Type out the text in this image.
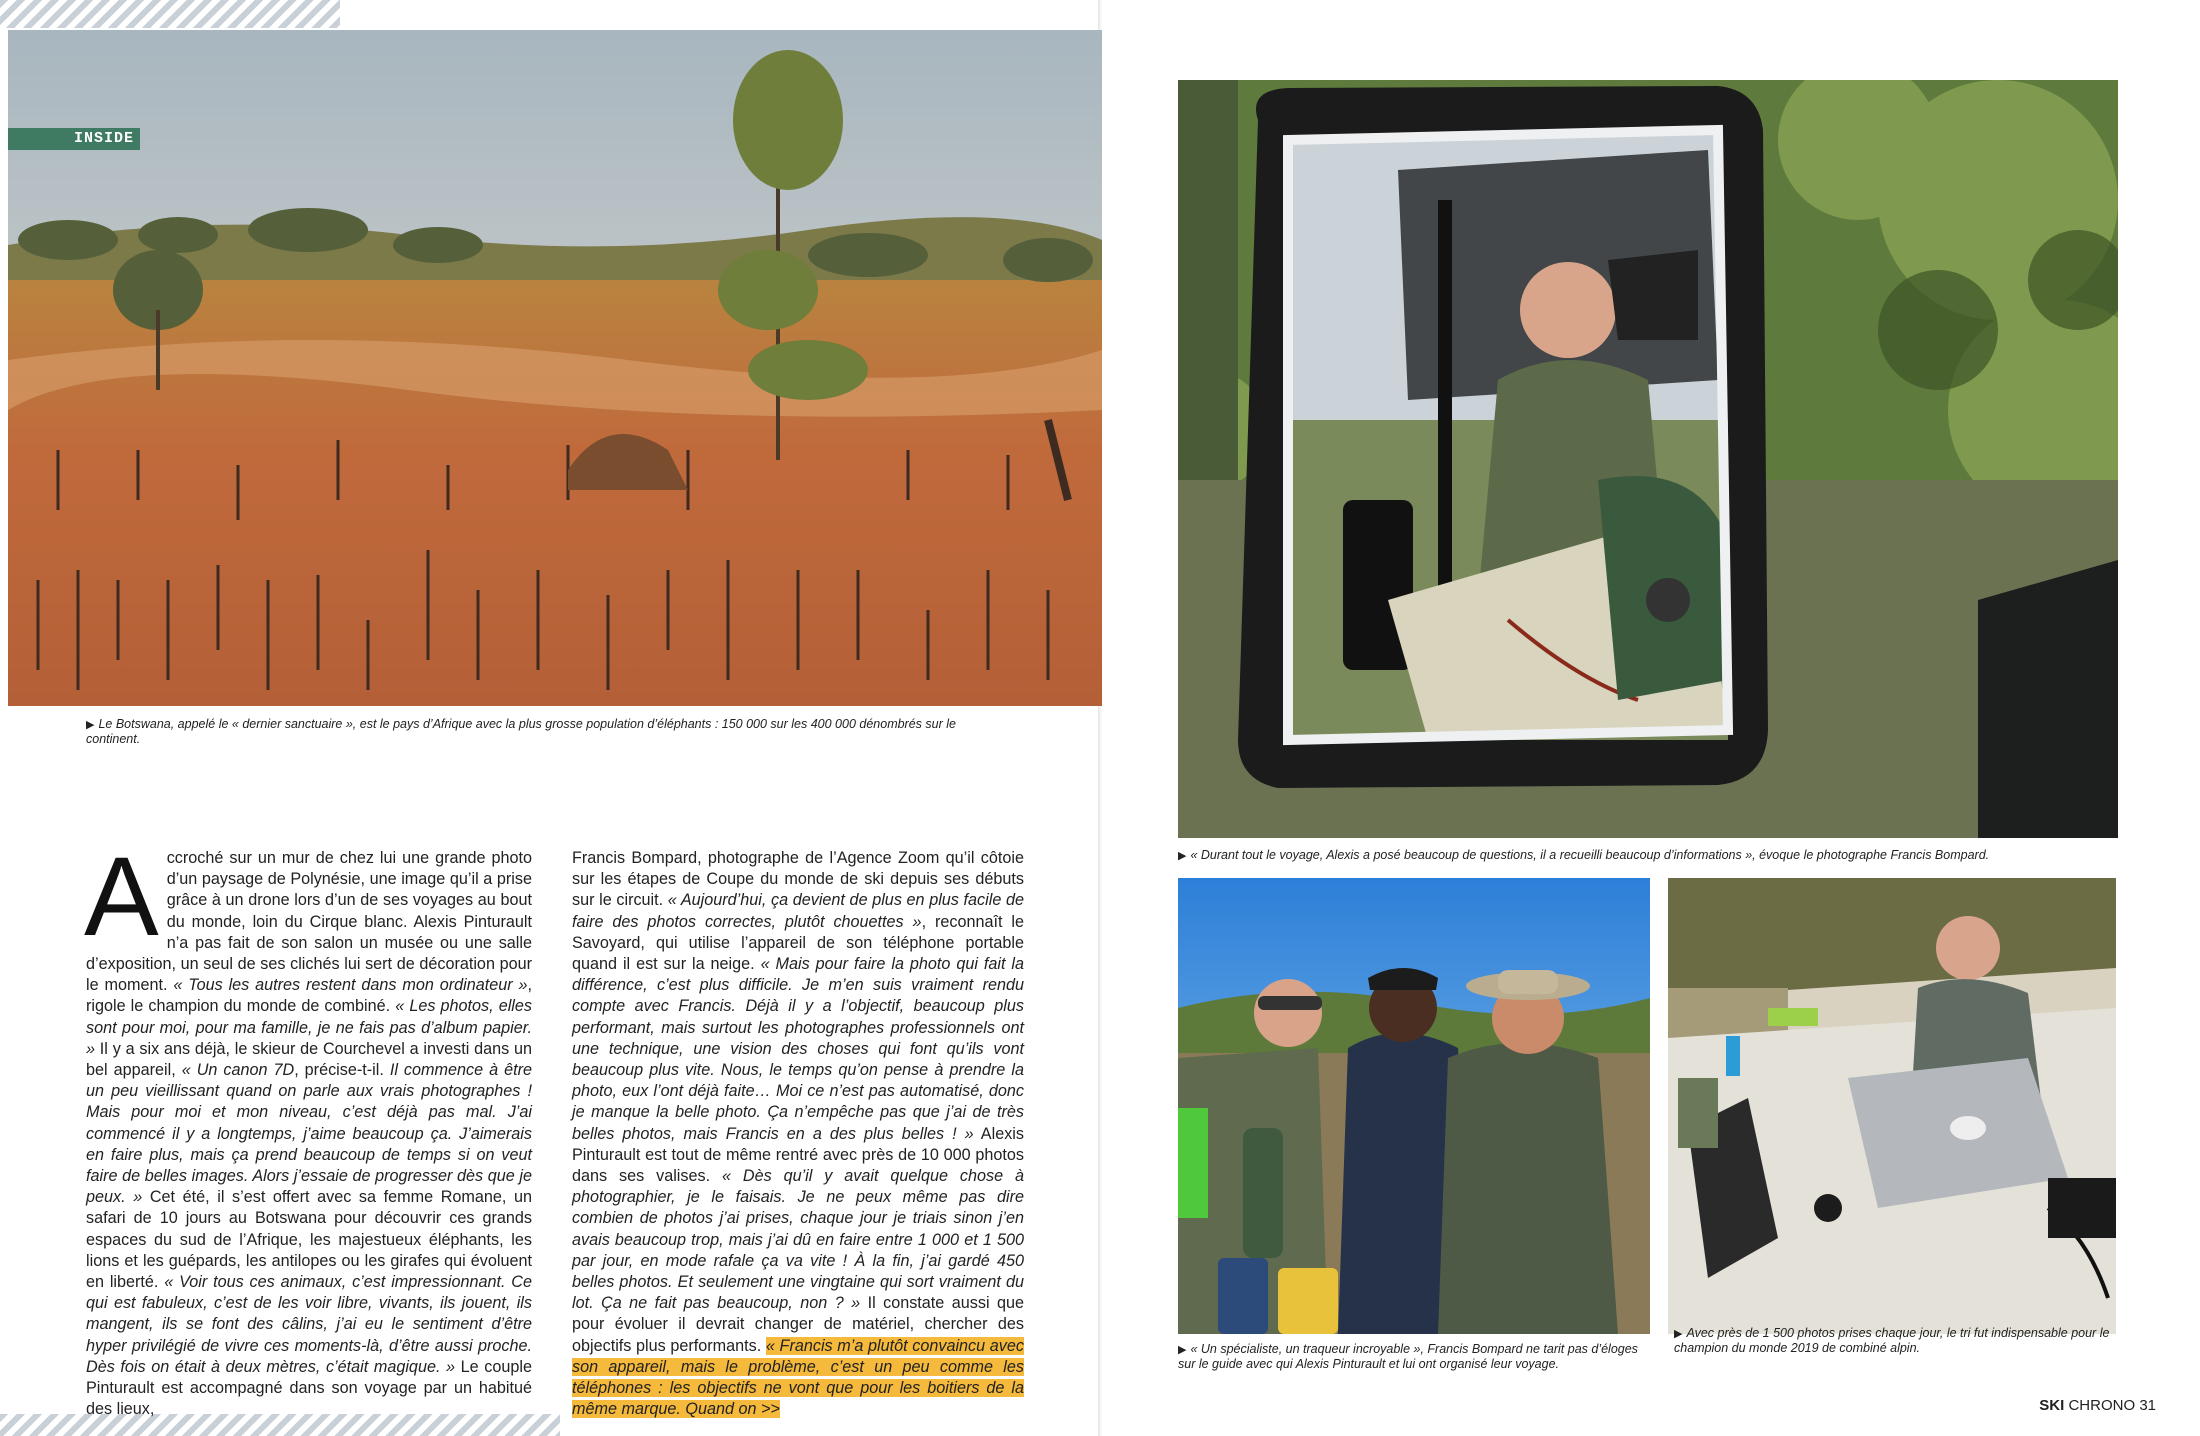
INSIDE
▶ Le Botswana, appelé le « dernier sanctuaire », est le pays d’Afrique avec la plus grosse population d’éléphants : 150 000 sur les 400 000 dénombrés sur le continent.
▶ « Durant tout le voyage, Alexis a posé beaucoup de questions, il a recueilli beaucoup d’informations », évoque le photographe Francis Bompard.
▶ « Un spécialiste, un traqueur incroyable », Francis Bompard ne tarit pas d’éloges sur le guide avec qui Alexis Pinturault et lui ont organisé leur voyage.
▶ Avec près de 1 500 photos prises chaque jour, le tri fut indispensable pour le champion du monde 2019 de combiné alpin.
A ccroché sur un mur de chez lui une grande photo d’un paysage de Polynésie, une image qu’il a prise grâce à un drone lors d’un de ses voyages au bout du monde, loin du Cirque blanc. Alexis Pinturault n’a pas fait de son salon un musée ou une salle d’exposition, un seul de ses clichés lui sert de décoration pour le moment. « Tous les autres restent dans mon ordinateur », rigole le champion du monde de combiné. « Les photos, elles sont pour moi, pour ma famille, je ne fais pas d’album papier. » Il y a six ans déjà, le skieur de Courchevel a investi dans un bel appareil, « Un canon 7D, précise-t-il. Il commence à être un peu vieillissant quand on parle aux vrais photographes ! Mais pour moi et mon niveau, c’est déjà pas mal. J’ai commencé il y a longtemps, j’aime beaucoup ça. J’aimerais en faire plus, mais ça prend beaucoup de temps si on veut faire de belles images. Alors j’essaie de progresser dès que je peux. » Cet été, il s’est offert avec sa femme Romane, un safari de 10 jours au Botswana pour découvrir ces grands espaces du sud de l’Afrique, les majestueux éléphants, les lions et les guépards, les antilopes ou les girafes qui évoluent en liberté. « Voir tous ces animaux, c’est impressionnant. Ce qui est fabuleux, c’est de les voir libre, vivants, ils jouent, ils mangent, ils se font des câlins, j’ai eu le sentiment d’être hyper privilégié de vivre ces moments-là, d’être aussi proche. Dès fois on était à deux mètres, c’était magique. » Le couple Pinturault est accompagné dans son voyage par un habitué des lieux,

Francis Bompard, photographe de l’Agence Zoom qu’il côtoie sur les étapes de Coupe du monde de ski depuis ses débuts sur le circuit. « Aujourd’hui, ça devient de plus en plus facile de faire des photos correctes, plutôt chouettes », reconnaît le Savoyard, qui utilise l’appareil de son téléphone portable quand il est sur la neige. « Mais pour faire la photo qui fait la différence, c’est plus difficile. Je m’en suis vraiment rendu compte avec Francis. Déjà il y a l’objectif, beaucoup plus performant, mais surtout les photographes professionnels ont une technique, une vision des choses qui font qu’ils vont beaucoup plus vite. Nous, le temps qu’on pense à prendre la photo, eux l’ont déjà faite… Moi ce n’est pas automatisé, donc je manque la belle photo. Ça n’empêche pas que j’ai de très belles photos, mais Francis en a des plus belles ! » Alexis Pinturault est tout de même rentré avec près de 10 000 photos dans ses valises. « Dès qu’il y avait quelque chose à photographier, je le faisais. Je ne peux même pas dire combien de photos j’ai prises, chaque jour je triais sinon j’en avais beaucoup trop, mais j’ai dû en faire entre 1 000 et 1 500 par jour, en mode rafale ça va vite ! À la fin, j’ai gardé 450 belles photos. Et seulement une vingtaine qui sort vraiment du lot. Ça ne fait pas beaucoup, non ? » Il constate aussi que pour évoluer il devrait changer de matériel, chercher des objectifs plus performants. « Francis m’a plutôt convaincu avec son appareil, mais le problème, c’est un peu comme les téléphones : les objectifs ne vont que pour les boitiers de la même marque. Quand on >>	SKI CHRONO 31
